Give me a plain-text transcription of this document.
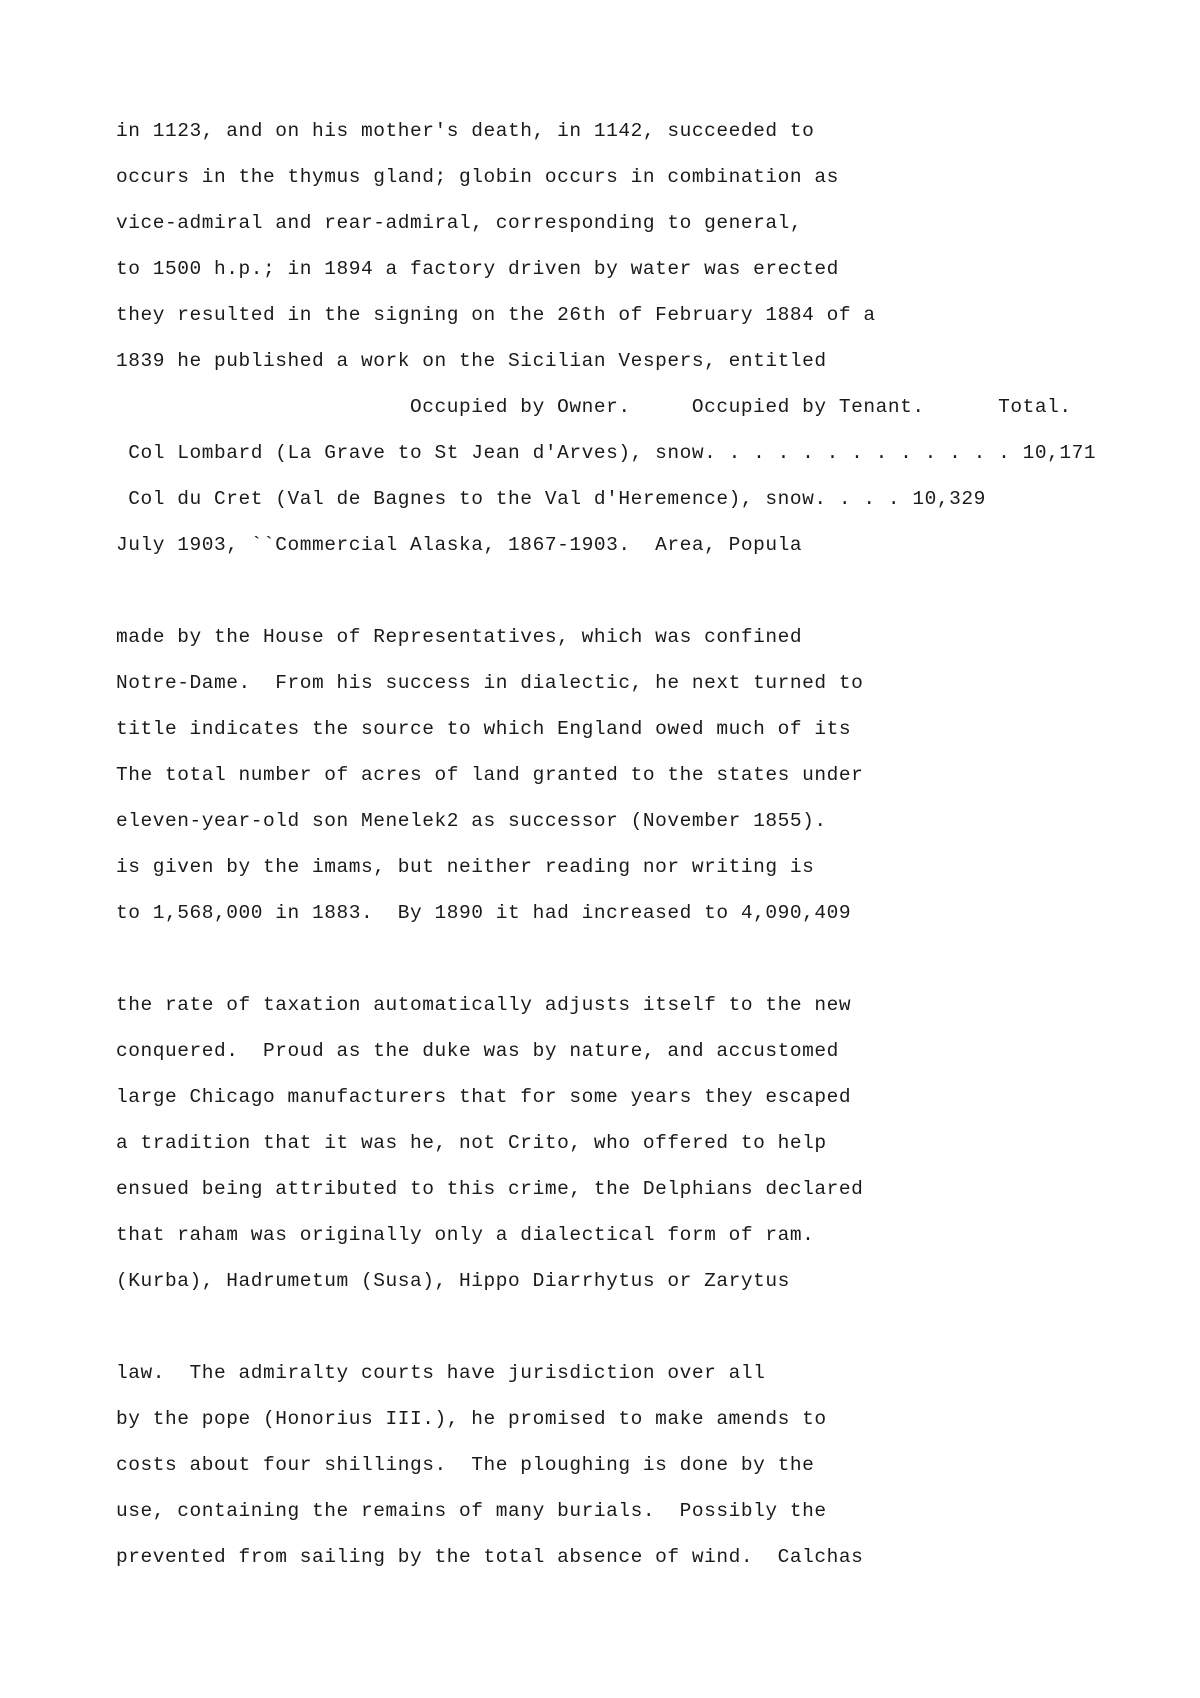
in 1123, and on his mother's death, in 1142, succeeded to
occurs in the thymus gland; globin occurs in combination as
vice-admiral and rear-admiral, corresponding to general,
to 1500 h.p.; in 1894 a factory driven by water was erected
they resulted in the signing on the 26th of February 1884 of a
1839 he published a work on the Sicilian Vespers, entitled
Occupied by Owner.     Occupied by Tenant.      Total.
Col Lombard (La Grave to St Jean d'Arves), snow. . . . . . . . . . . . . 10,171
Col du Cret (Val de Bagnes to the Val d'Heremence), snow. . . . 10,329
July 1903, ``Commercial Alaska, 1867-1903.  Area, Popula
made by the House of Representatives, which was confined
Notre-Dame.  From his success in dialectic, he next turned to
title indicates the source to which England owed much of its
The total number of acres of land granted to the states under
eleven-year-old son Menelek2 as successor (November 1855).
is given by the imams, but neither reading nor writing is
to 1,568,000 in 1883.  By 1890 it had increased to 4,090,409
the rate of taxation automatically adjusts itself to the new
conquered.  Proud as the duke was by nature, and accustomed
large Chicago manufacturers that for some years they escaped
a tradition that it was he, not Crito, who offered to help
ensued being attributed to this crime, the Delphians declared
that raham was originally only a dialectical form of ram.
(Kurba), Hadrumetum (Susa), Hippo Diarrhytus or Zarytus
law.  The admiralty courts have jurisdiction over all
by the pope (Honorius III.), he promised to make amends to
costs about four shillings.  The ploughing is done by the
use, containing the remains of many burials.  Possibly the
prevented from sailing by the total absence of wind.  Calchas
